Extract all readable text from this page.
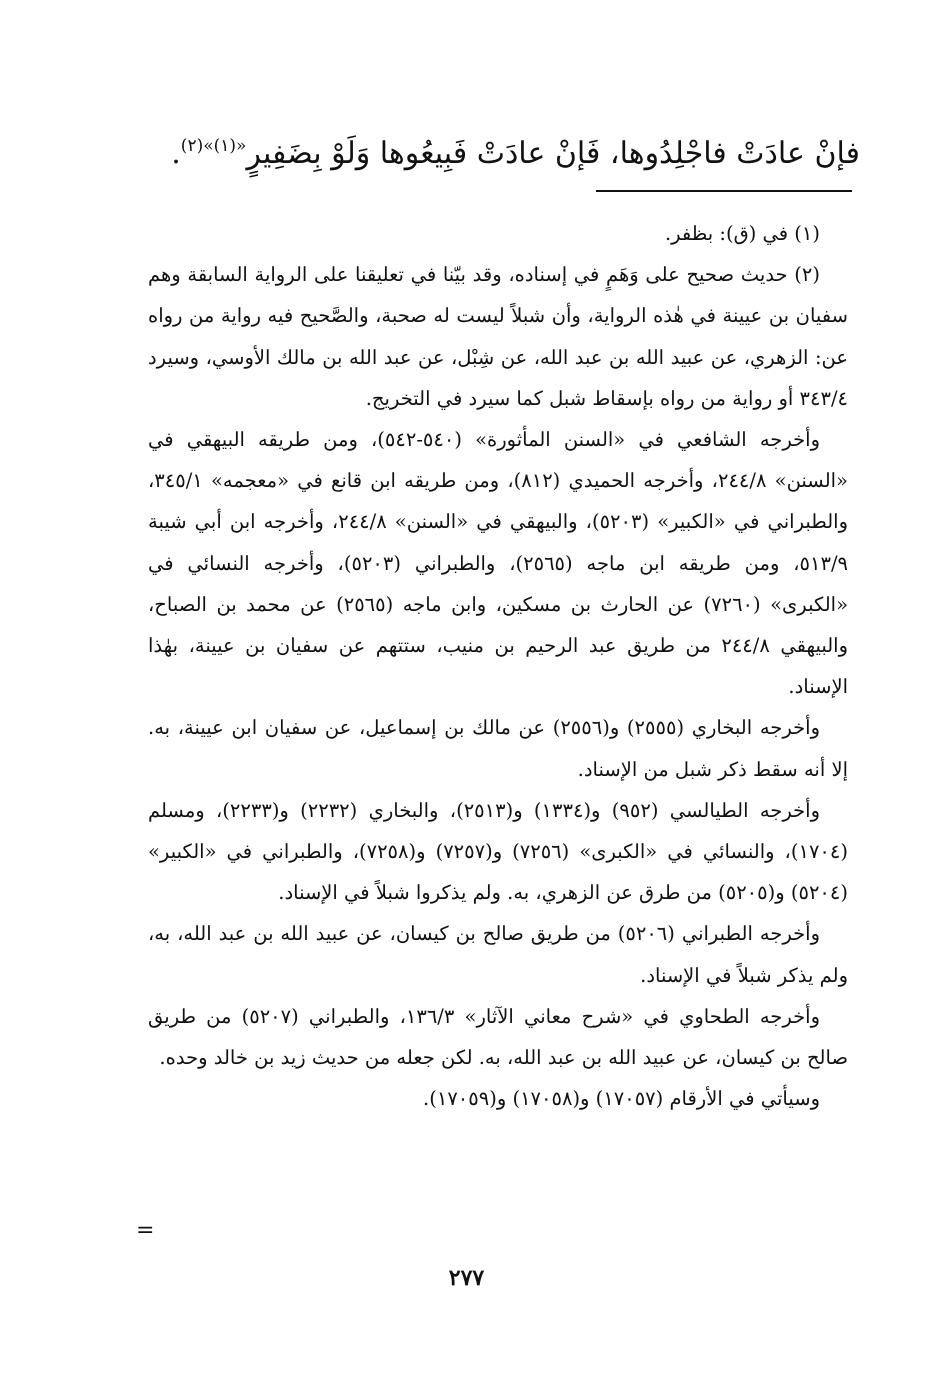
فإنْ عادَتْ فاجْلِدُوها، فَإنْ عادَتْ فَبِيعُوها وَلَوْ بِضَفِيرٍ$^{«(١)»(٢)}$.

(١) في (ق): بظفر.

(٢) حديث صحيح على وَهَمٍ في إسناده، وقد بيّنا في تعليقنا على الرواية السابقة وهم سفيان بن عيينة في هٰذه الرواية، وأن شبلاً ليست له صحبة، والصَّحيح فيه رواية من رواه عن: الزهري، عن عبيد الله بن عبد الله، عن شِبْل، عن عبد الله بن مالك الأوسي، وسيرد ٣٤٣/٤ أو رواية من رواه بإسقاط شبل كما سيرد في التخريج.

وأخرجه الشافعي في «السنن المأثورة» (٥٤٠-٥٤٢)، ومن طريقه البيهقي في «السنن» ٢٤٤/٨، وأخرجه الحميدي (٨١٢)، ومن طريقه ابن قانع في «معجمه» ٣٤٥/١، والطبراني في «الكبير» (٥٢٠٣)، والبيهقي في «السنن» ٢٤٤/٨، وأخرجه ابن أبي شيبة ٥١٣/٩، ومن طريقه ابن ماجه (٢٥٦٥)، والطبراني (٥٢٠٣)، وأخرجه النسائي في «الكبرى» (٧٢٦٠) عن الحارث بن مسكين، وابن ماجه (٢٥٦٥) عن محمد بن الصباح، والبيهقي ٢٤٤/٨ من طريق عبد الرحيم بن منيب، ستتهم عن سفيان بن عيينة، بهٰذا الإسناد.

وأخرجه البخاري (٢٥٥٥) و(٢٥٥٦) عن مالك بن إسماعيل، عن سفيان ابن عيينة، به. إلا أنه سقط ذكر شبل من الإسناد.

وأخرجه الطيالسي (٩٥٢) و(١٣٣٤) و(٢٥١٣)، والبخاري (٢٢٣٢) و(٢٢٣٣)، ومسلم (١٧٠٤)، والنسائي في «الكبرى» (٧٢٥٦) و(٧٢٥٧) و(٧٢٥٨)، والطبراني في «الكبير» (٥٢٠٤) و(٥٢٠٥) من طرق عن الزهري، به. ولم يذكروا شبلاً في الإسناد.

وأخرجه الطبراني (٥٢٠٦) من طريق صالح بن كيسان، عن عبيد الله بن عبد الله، به، ولم يذكر شبلاً في الإسناد.

وأخرجه الطحاوي في «شرح معاني الآثار» ١٣٦/٣، والطبراني (٥٢٠٧) من طريق صالح بن كيسان، عن عبيد الله بن عبد الله، به. لكن جعله من حديث زيد بن خالد وحده.

وسيأتي في الأرقام (١٧٠٥٧) و(١٧٠٥٨) و(١٧٠٥٩).

=
٢٧٧
